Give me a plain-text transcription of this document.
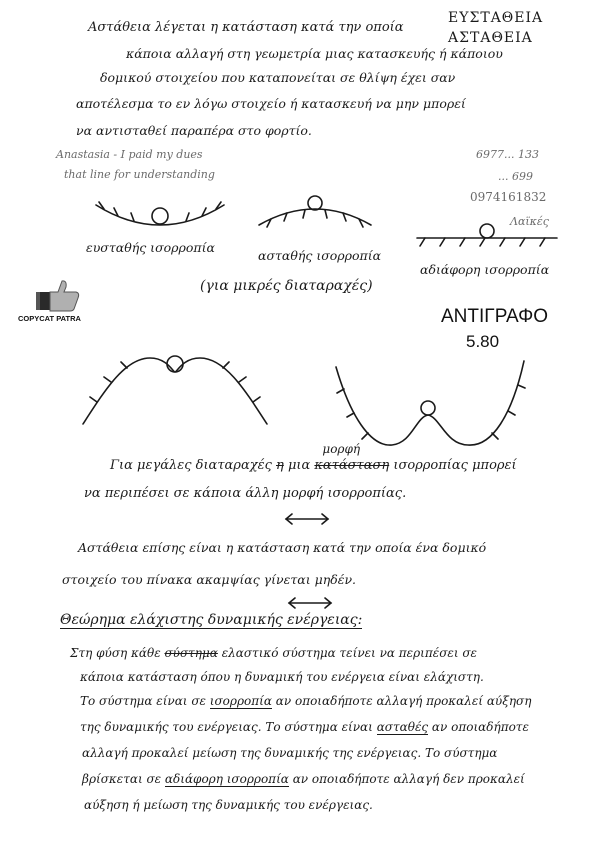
ΕΥΣΤΑΘΕΙΑ
ΑΣΤΑΘΕΙΑ
Αστάθεια λέγεται η κατάσταση κατά την οποία
κάποια αλλαγή στη γεωμετρία μιας κατασκευής ή κάποιου
δομικού στοιχείου που καταπονείται σε θλίψη έχει σαν
αποτέλεσμα το εν λόγω στοιχείο ή κατασκευή να μην μπορεί
να αντισταθεί παραπέρα στο φορτίο.
Anastasia - I paid my dues
that line for understanding
6977... 133
... 699
0974161832
Λαϊκές
ευσταθής ισορροπία
ασταθής ισορροπία
αδιάφορη ισορροπία
(για μικρές διαταραχές)
COPYCAT PATRA	ΑΝΤΙΓΡΑΦΟ
5.80
Για μεγάλες διαταραχές η μια κατάσταση
μορφή
ισορροπίας μπορεί
να περιπέσει σε κάποια άλλη μορφή ισορροπίας.
Αστάθεια επίσης είναι η κατάσταση κατά την οποία ένα δομικό
στοιχείο του πίνακα ακαμψίας γίνεται μηδέν.
Θεώρημα ελάχιστης δυναμικής ενέργειας:
Στη φύση κάθε σύστημα ελαστικό σύστημα τείνει να περιπέσει σε
κάποια κατάσταση όπου η δυναμική του ενέργεια είναι ελάχιστη.
Το σύστημα είναι σε ισορροπία αν οποιαδήποτε αλλαγή προκαλεί αύξηση
της δυναμικής του ενέργειας. Το σύστημα είναι ασταθές αν οποιαδήποτε
αλλαγή προκαλεί μείωση της δυναμικής της ενέργειας. Το σύστημα
βρίσκεται σε αδιάφορη ισορροπία αν οποιαδήποτε αλλαγή δεν προκαλεί
αύξηση ή μείωση της δυναμικής του ενέργειας.
